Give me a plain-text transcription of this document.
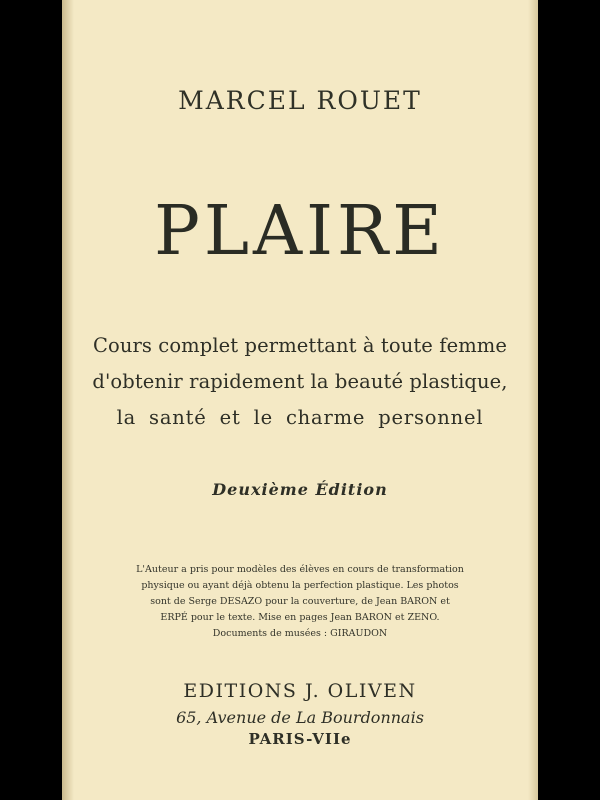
MARCEL ROUET
PLAIRE
Cours complet permettant à toute femme
d'obtenir rapidement la beauté plastique,
la santé et le charme personnel
Deuxième Édition
L'Auteur a pris pour modèles des élèves en cours de transformation
physique ou ayant déjà obtenu la perfection plastique. Les photos
sont de Serge DESAZO pour la couverture, de Jean BARON et
ERPÉ pour le texte. Mise en pages Jean BARON et ZENO.
Documents de musées : GIRAUDON
EDITIONS J. OLIVEN
65, Avenue de La Bourdonnais
PARIS-VIIe
